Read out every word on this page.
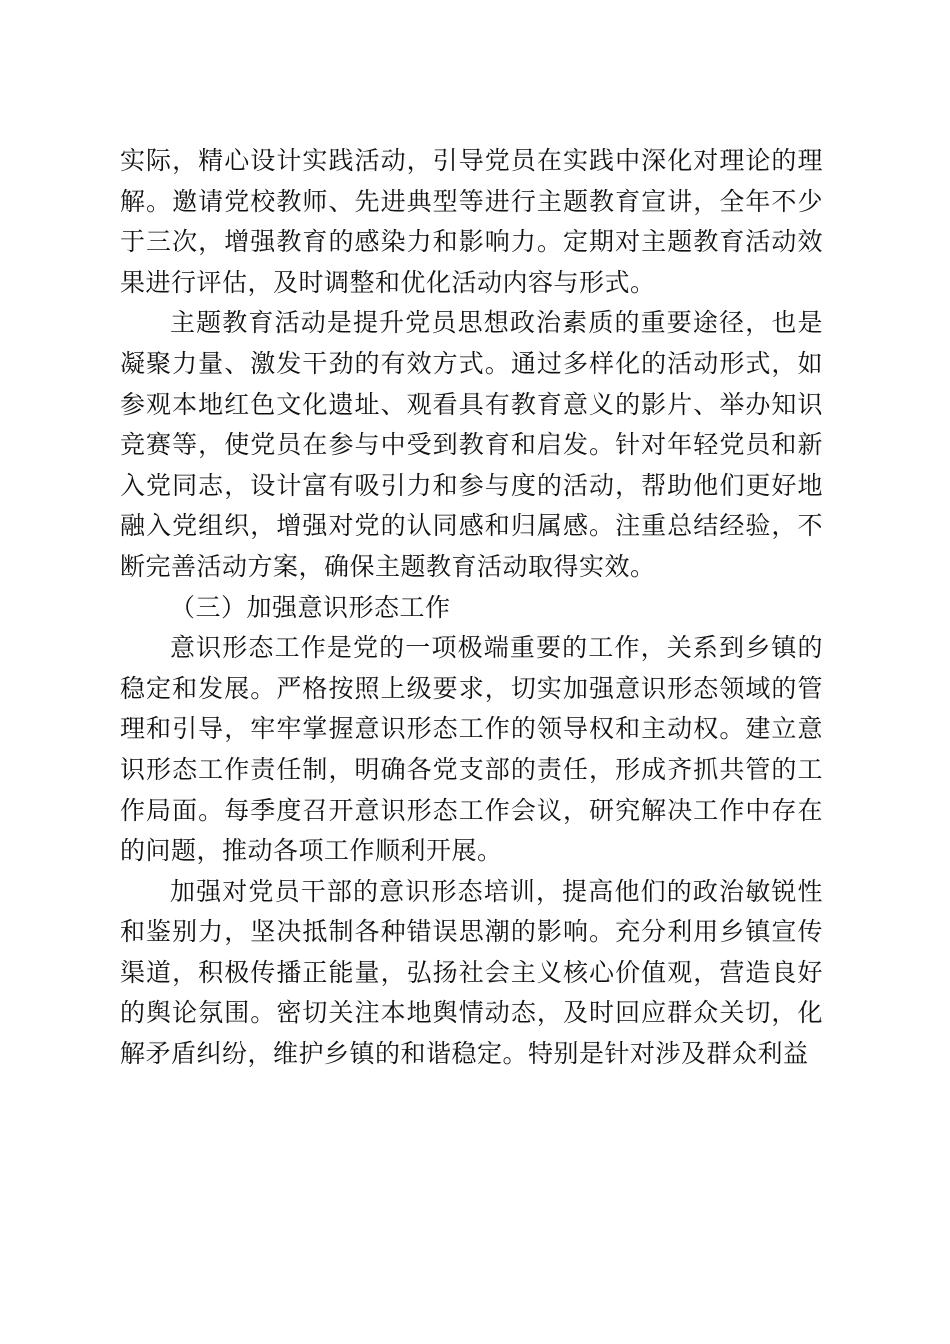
实际，精心设计实践活动，引导党员在实践中深化对理论的理解。邀请党校教师、先进典型等进行主题教育宣讲，全年不少于三次，增强教育的感染力和影响力。定期对主题教育活动效果进行评估，及时调整和优化活动内容与形式。

主题教育活动是提升党员思想政治素质的重要途径，也是凝聚力量、激发干劲的有效方式。通过多样化的活动形式，如参观本地红色文化遗址、观看具有教育意义的影片、举办知识竞赛等，使党员在参与中受到教育和启发。针对年轻党员和新入党同志，设计富有吸引力和参与度的活动，帮助他们更好地融入党组织，增强对党的认同感和归属感。注重总结经验，不断完善活动方案，确保主题教育活动取得实效。

（三）加强意识形态工作

意识形态工作是党的一项极端重要的工作，关系到乡镇的稳定和发展。严格按照上级要求，切实加强意识形态领域的管理和引导，牢牢掌握意识形态工作的领导权和主动权。建立意识形态工作责任制，明确各党支部的责任，形成齐抓共管的工作局面。每季度召开意识形态工作会议，研究解决工作中存在的问题，推动各项工作顺利开展。

加强对党员干部的意识形态培训，提高他们的政治敏锐性和鉴别力，坚决抵制各种错误思潮的影响。充分利用乡镇宣传渠道，积极传播正能量，弘扬社会主义核心价值观，营造良好的舆论氛围。密切关注本地舆情动态，及时回应群众关切，化解矛盾纠纷，维护乡镇的和谐稳定。特别是针对涉及群众利益
